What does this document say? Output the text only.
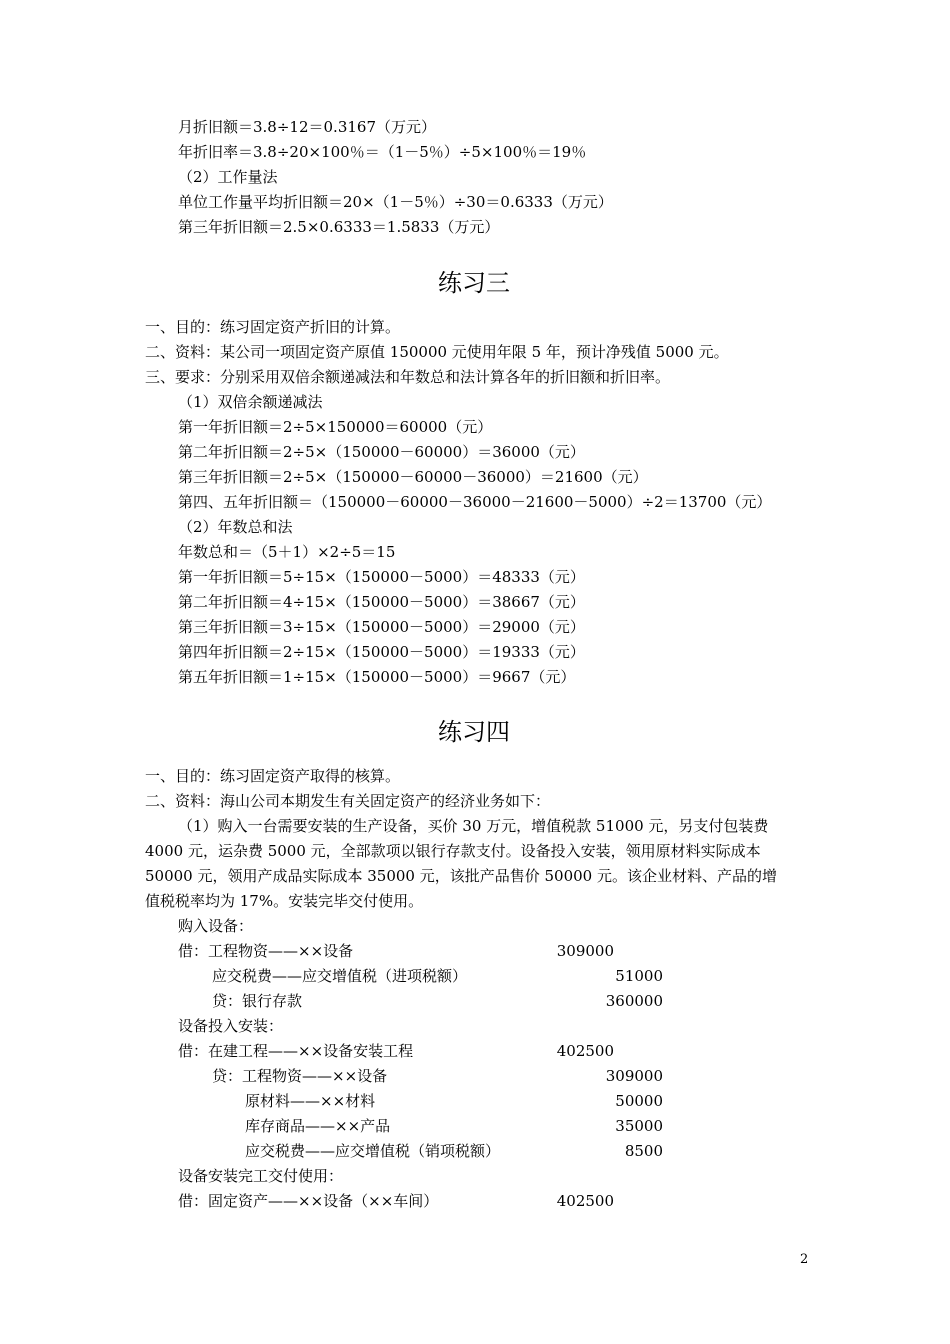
月折旧额＝3.8÷12＝0.3167（万元）
年折旧率＝3.8÷20×100％＝（1－5％）÷5×100％＝19％
（2）工作量法
单位工作量平均折旧额＝20×（1－5％）÷30＝0.6333（万元）
第三年折旧额＝2.5×0.6333＝1.5833（万元）
练习三
一、目的：练习固定资产折旧的计算。
二、资料：某公司一项固定资产原值 150000 元使用年限 5 年，预计净残值 5000 元。
三、要求：分别采用双倍余额递减法和年数总和法计算各年的折旧额和折旧率。
（1）双倍余额递减法
第一年折旧额＝2÷5×150000＝60000（元）
第二年折旧额＝2÷5×（150000－60000）＝36000（元）
第三年折旧额＝2÷5×（150000－60000－36000）＝21600（元）
第四、五年折旧额＝（150000－60000－36000－21600－5000）÷2＝13700（元）
（2）年数总和法
年数总和＝（5＋1）×2÷5＝15
第一年折旧额＝5÷15×（150000－5000）＝48333（元）
第二年折旧额＝4÷15×（150000－5000）＝38667（元）
第三年折旧额＝3÷15×（150000－5000）＝29000（元）
第四年折旧额＝2÷15×（150000－5000）＝19333（元）
第五年折旧额＝1÷15×（150000－5000）＝9667（元）
练习四
一、目的：练习固定资产取得的核算。
二、资料：海山公司本期发生有关固定资产的经济业务如下：
（1）购入一台需要安装的生产设备，买价 30 万元，增值税款 51000 元，另支付包装费
4000 元，运杂费 5000 元，全部款项以银行存款支付。设备投入安装，领用原材料实际成本
50000 元，领用产成品实际成本 35000 元，该批产品售价 50000 元。该企业材料、产品的增
值税税率均为 17%。安装完毕交付使用。
购入设备：
借：工程物资——××设备	309000
应交税费——应交增值税（进项税额）	51000
贷：银行存款	360000
设备投入安装：
借：在建工程——××设备安装工程	402500
贷：工程物资——××设备	309000
原材料——××材料	50000
库存商品——××产品	35000
应交税费——应交增值税（销项税额）	8500
设备安装完工交付使用：
借：固定资产——××设备（××车间）	402500
2
